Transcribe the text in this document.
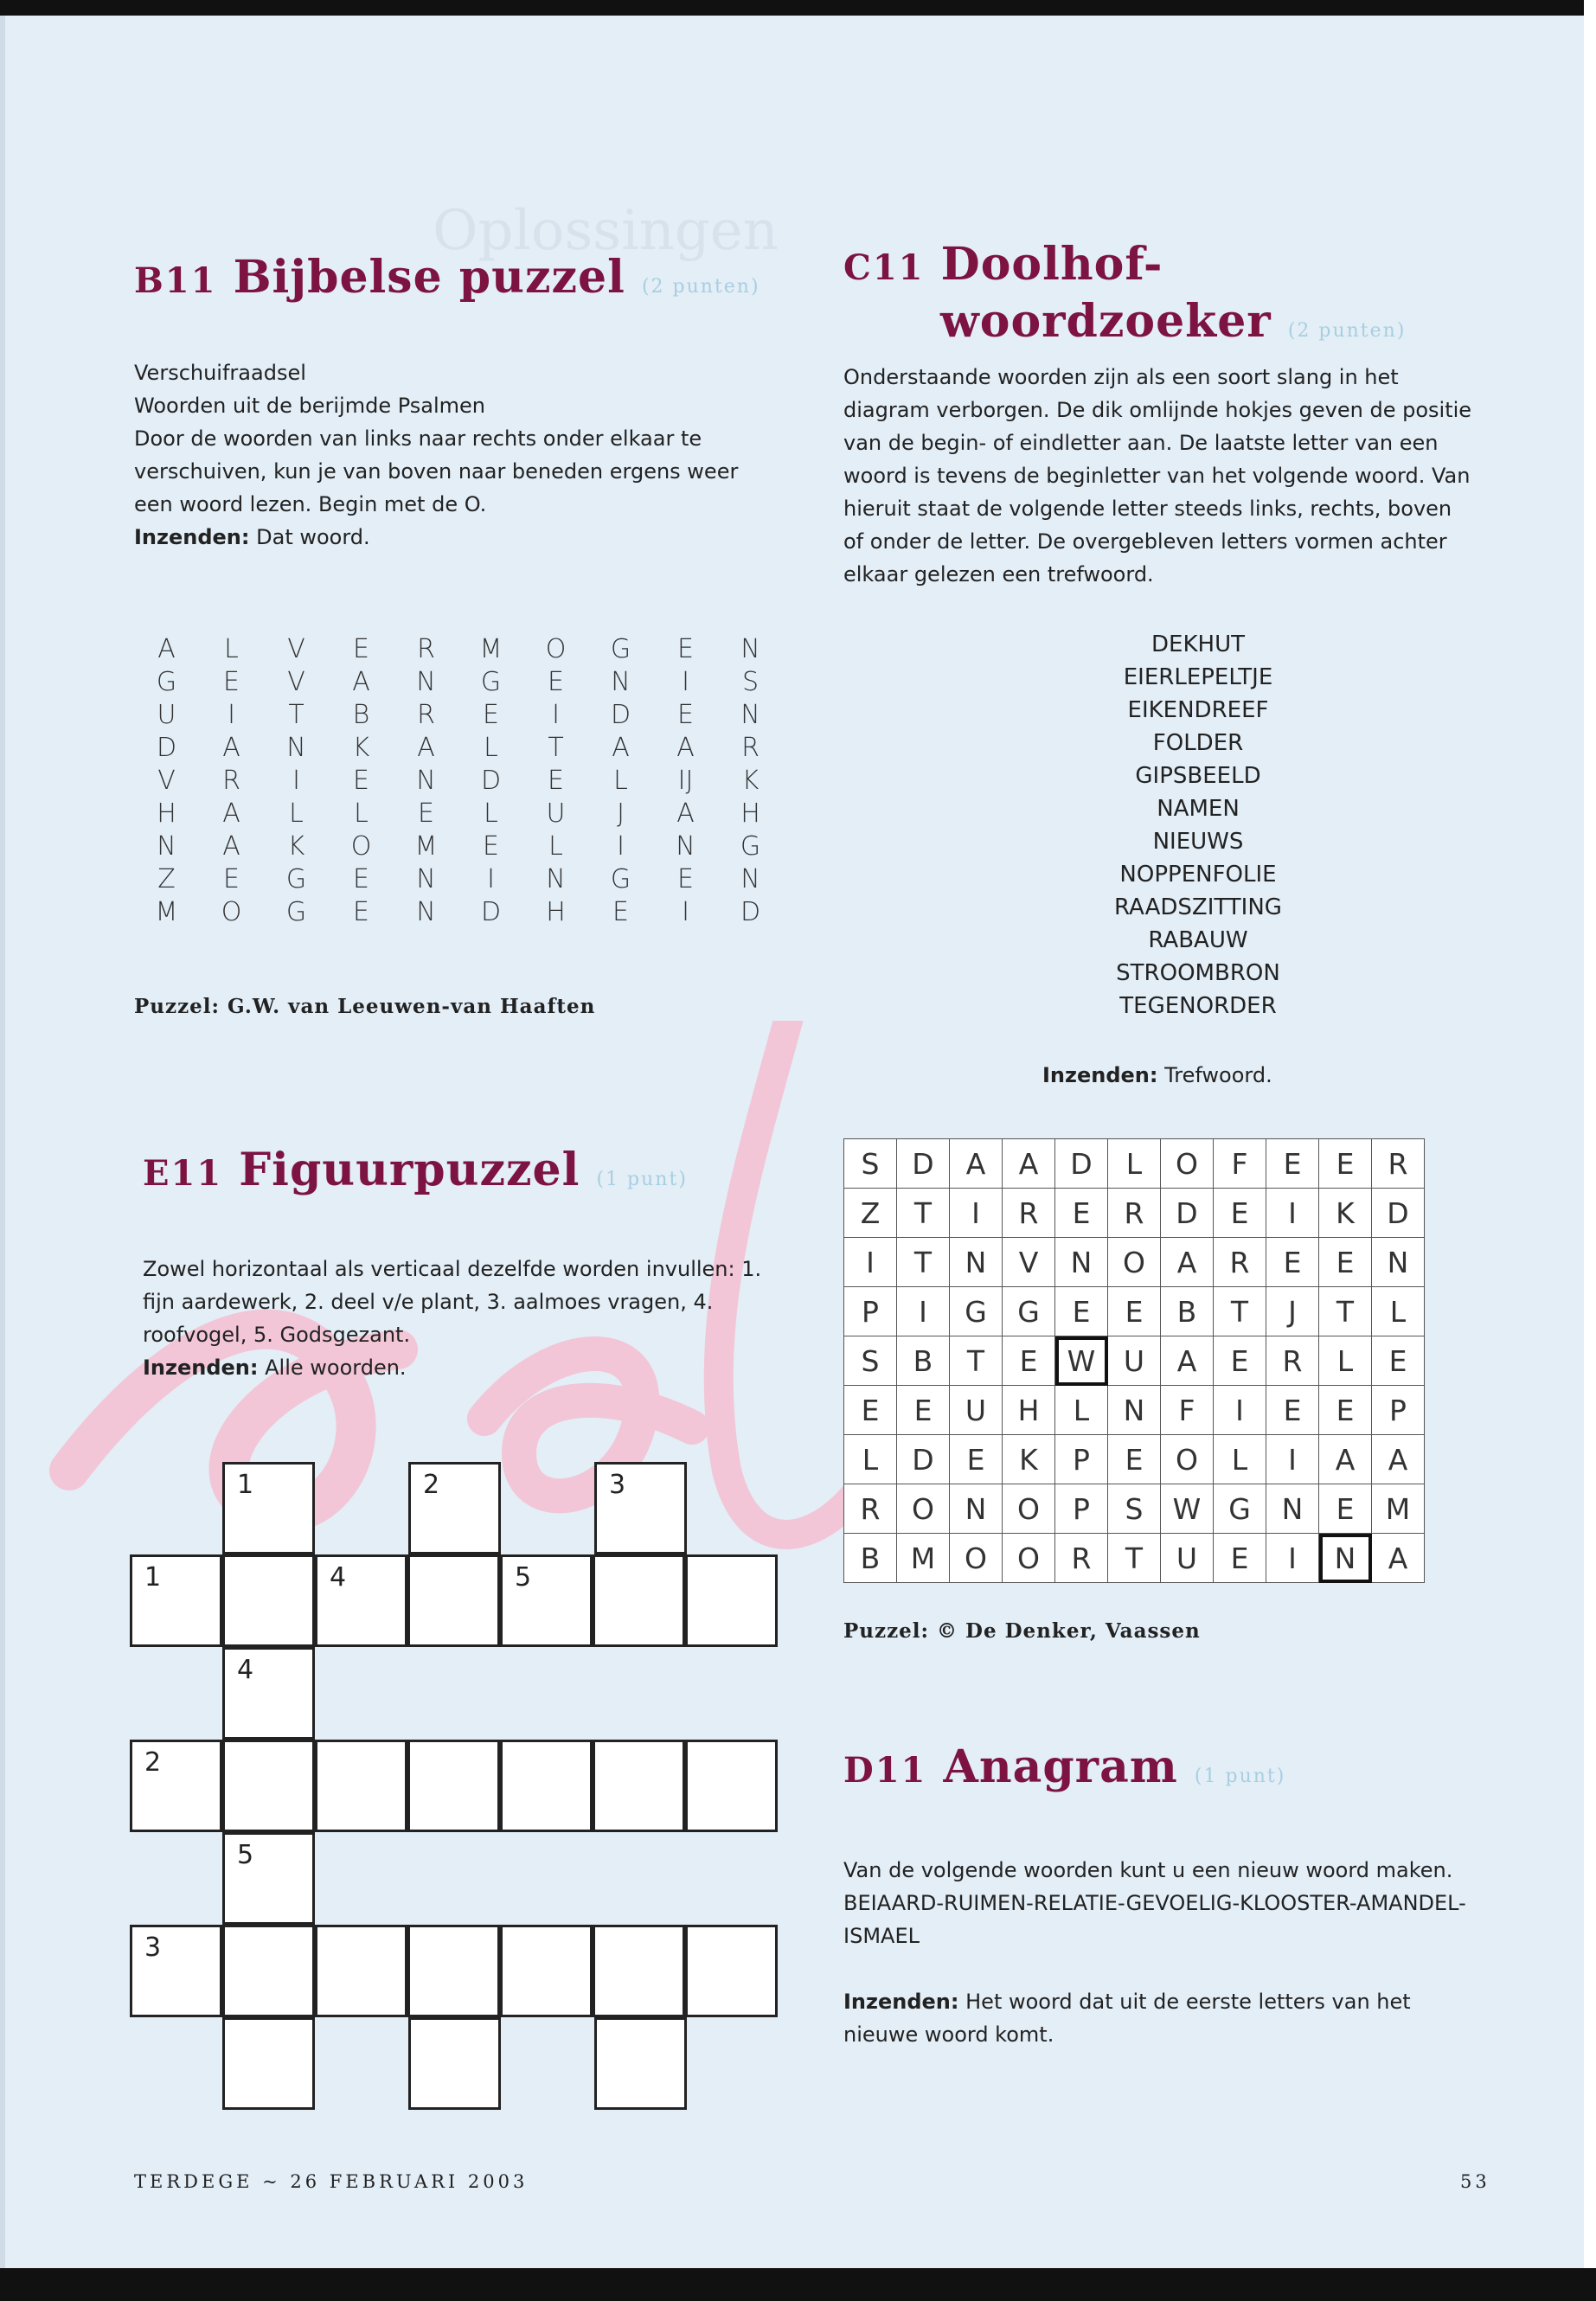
Oplossingen
B11 Bijbelse puzzel (2 punten)

Verschuifraadsel

Woorden uit de berijmde Psalmen

Door de woorden van links naar rechts onder elkaar te verschuiven, kun je van boven naar beneden ergens weer een woord lezen. Begin met de O.

Inzenden: Dat woord.

A	L	V	E	R	M	O	G	E	N
G	E	V	A	N	G	E	N	I	S
U	I	T	B	R	E	I	D	E	N
D	A	N	K	A	L	T	A	A	R
V	R	I	E	N	D	E	L	IJ	K
H	A	L	L	E	L	U	J	A	H
N	A	K	O	M	E	L	I	N	G
Z	E	G	E	N	I	N	G	E	N
M	O	G	E	N	D	H	E	I	D
Puzzel: G.W. van Leeuwen-van Haaften
C11 Doolhof-
woordzoeker (2 punten)

Onderstaande woorden zijn als een soort slang in het diagram verborgen. De dik omlijnde hokjes geven de positie van de begin- of eindletter aan. De laatste letter van een woord is tevens de beginletter van het volgende woord. Van hieruit staat de volgende letter steeds links, rechts, boven of onder de letter. De overgebleven letters vormen achter elkaar gelezen een trefwoord.

DEKHUT
EIERLEPELTJE
EIKENDREEF
FOLDER
GIPSBEELD
NAMEN
NIEUWS
NOPPENFOLIE
RAADSZITTING
RABAUW
STROOMBRON
TEGENORDER

Inzenden: Trefwoord.

S	D	A	A	D	L	O	F	E	E	R
Z	T	I	R	E	R	D	E	I	K	D
I	T	N	V	N	O	A	R	E	E	N
P	I	G	G	E	E	B	T	J	T	L
S	B	T	E	W	U	A	E	R	L	E
E	E	U	H	L	N	F	I	E	E	P
L	D	E	K	P	E	O	L	I	A	A
R	O	N	O	P	S	W	G	N	E	M
B	M	O	O	R	T	U	E	I	N	A
Puzzel: © De Denker, Vaassen
E11 Figuurpuzzel (1 punt)

Zowel horizontaal als verticaal dezelfde worden invullen: 1. fijn aardewerk, 2. deel v/e plant, 3. aalmoes vragen, 4. roofvogel, 5. Godsgezant.

Inzenden: Alle woorden.

1	2	3
1	4	5
4
2
5
3
D11 Anagram (1 punt)

Van de volgende woorden kunt u een nieuw woord maken.

BEIAARD-RUIMEN-RELATIE-GEVOELIG-KLOOSTER-AMANDEL-ISMAEL

Inzenden: Het woord dat uit de eerste letters van het nieuwe woord komt.

TERDEGE ~ 26 FEBRUARI 2003	53
